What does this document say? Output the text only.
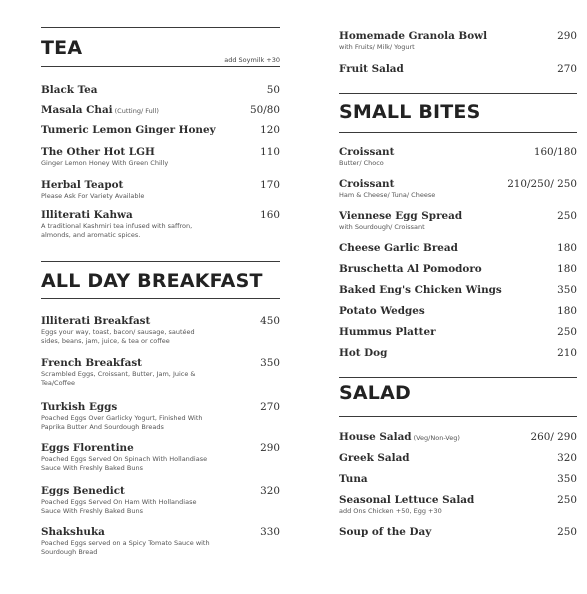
TEA
add Soymilk +30
Black Tea	50
Masala Chai (Cutting/ Full)	50/80
Tumeric Lemon Ginger Honey	120
The Other Hot LGH	110
Ginger Lemon Honey With Green Chilly
Herbal Teapot	170
Please Ask For Variety Available
Illiterati Kahwa	160
A traditional Kashmiri tea infused with saffron,
almonds, and aromatic spices.
ALL DAY BREAKFAST
Illiterati Breakfast	450
Eggs your way, toast, bacon/ sausage, sautéed
sides, beans, jam, juice, & tea or coffee
French Breakfast	350
Scrambled Eggs, Croissant, Butter, Jam, Juice &
Tea/Coffee
Turkish Eggs	270
Poached Eggs Over Garlicky Yogurt, Finished With
Paprika Butter And Sourdough Breads
Eggs Florentine	290
Poached Eggs Served On Spinach With Hollandiase
Sauce With Freshly Baked Buns
Eggs Benedict	320
Poached Eggs Served On Ham With Hollandiase
Sauce With Freshly Baked Buns
Shakshuka	330
Poached Eggs served on a Spicy Tomato Sauce with
Sourdough Bread
Homemade Granola Bowl	290
with Fruits/ Milk/ Yogurt
Fruit Salad	270
SMALL BITES
Croissant	160/180
Butter/ Choco
Croissant	210/250/ 250
Ham & Cheese/ Tuna/ Cheese
Viennese Egg Spread	250
with Sourdough/ Croissant
Cheese Garlic Bread	180
Bruschetta Al Pomodoro	180
Baked Eng's Chicken Wings	350
Potato Wedges	180
Hummus Platter	250
Hot Dog	210
SALAD
House Salad (Veg/Non-Veg)	260/ 290
Greek Salad	320
Tuna	350
Seasonal Lettuce Salad	250
add Ons Chicken +50, Egg +30
Soup of the Day	250
